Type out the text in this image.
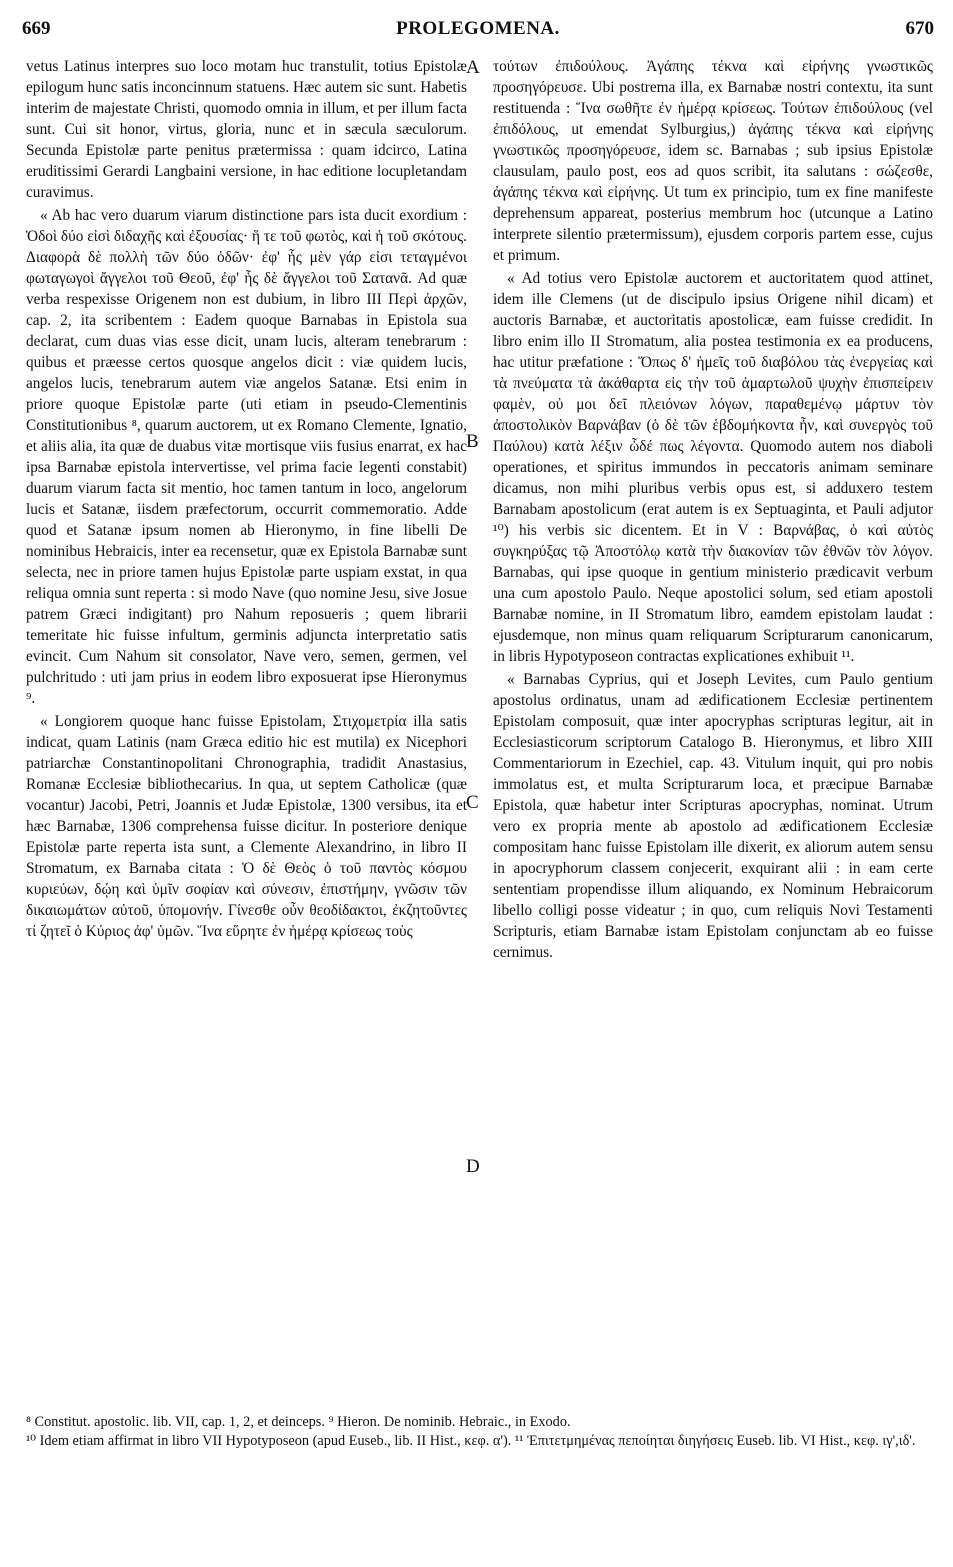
669	PROLEGOMENA.	670

vetus Latinus interpres suo loco motam huc transtulit, totius Epistolæ epilogum hunc satis inconcinnum statuens. Hæc autem sic sunt. Habetis interim de majestate Christi, quomodo omnia in illum, et per illum facta sunt. Cui sit honor, virtus, gloria, nunc et in sæcula sæculorum. Secunda Epistolæ parte penitus prætermissa : quam idcirco, Latina eruditissimi Gerardi Langbaini versione, in hac editione locupletandam curavimus.

« Ab hac vero duarum viarum distinctione pars ista ducit exordium : Ὁδοὶ δύο εἰσὶ διδαχῆς καὶ ἐξουσίας· ἥ τε τοῦ φωτὸς, καὶ ἡ τοῦ σκότους. Διαφορὰ δὲ πολλὴ τῶν δύο ὁδῶν· ἐφ' ἧς μὲν γάρ εἰσι τεταγμένοι φωταγωγοὶ ἄγγελοι τοῦ Θεοῦ, ἐφ' ἧς δὲ ἄγγελοι τοῦ Σατανᾶ. Ad quæ verba respexisse Origenem non est dubium, in libro III Περὶ ἀρχῶν, cap. 2, ita scribentem : Eadem quoque Barnabas in Epistola sua declarat, cum duas vias esse dicit, unam lucis, alteram tenebrarum : quibus et præesse certos quosque angelos dicit : viæ quidem lucis, angelos lucis, tenebrarum autem viæ angelos Satanæ. Etsi enim in priore quoque Epistolæ parte (uti etiam in pseudo-Clementinis Constitutionibus ⁸, quarum auctorem, ut ex Romano Clemente, Ignatio, et aliis alia, ita quæ de duabus vitæ mortisque viis fusius enarrat, ex hac ipsa Barnabæ epistola intervertisse, vel prima facie legenti constabit) duarum viarum facta sit mentio, hoc tamen tantum in loco, angelorum lucis et Satanæ, iisdem præfectorum, occurrit commemoratio. Adde quod et Satanæ ipsum nomen ab Hieronymo, in fine libelli De nominibus Hebraicis, inter ea recensetur, quæ ex Epistola Barnabæ sunt selecta, nec in priore tamen hujus Epistolæ parte uspiam exstat, in qua reliqua omnia sunt reperta : si modo Nave (quo nomine Jesu, sive Josue patrem Græci indigitant) pro Nahum reposueris ; quem librarii temeritate hic fuisse infultum, germinis adjuncta interpretatio satis evincit. Cum Nahum sit consolator, Nave vero, semen, germen, vel pulchritudo : uti jam prius in eodem libro exposuerat ipse Hieronymus ⁹.

« Longiorem quoque hanc fuisse Epistolam, Στιχομετρία illa satis indicat, quam Latinis (nam Græca editio hic est mutila) ex Nicephori patriarchæ Constantinopolitani Chronographia, tradidit Anastasius, Romanæ Ecclesiæ bibliothecarius. In qua, ut septem Catholicæ (quæ vocantur) Jacobi, Petri, Joannis et Judæ Epistolæ, 1300 versibus, ita et hæc Barnabæ, 1306 comprehensa fuisse dicitur. In posteriore denique Epistolæ parte reperta ista sunt, a Clemente Alexandrino, in libro II Stromatum, ex Barnaba citata : Ὁ δὲ Θεὸς ὁ τοῦ παντὸς κόσμου κυριεύων, δῴη καὶ ὑμῖν σοφίαν καὶ σύνεσιν, ἐπιστήμην, γνῶσιν τῶν δικαιωμάτων αὐτοῦ, ὑπομονήν. Γίνεσθε οὖν θεοδίδακτοι, ἐκζητοῦντες τί ζητεῖ ὁ Κύριος ἀφ' ὑμῶν. Ἵνα εὕρητε ἐν ἡμέρᾳ κρίσεως τοὺς

A
B
C
D

τούτων ἐπιδούλους. Ἀγάπης τέκνα καὶ εἰρήνης γνωστικῶς προσηγόρευσε. Ubi postrema illa, ex Barnabæ nostri contextu, ita sunt restituenda : Ἵνα σωθῆτε ἐν ἡμέρᾳ κρίσεως. Τούτων ἐπιδούλους (vel ἐπιδόλους, ut emendat Sylburgius,) ἀγάπης τέκνα καὶ εἰρήνης γνωστικῶς προσηγόρευσε, idem sc. Barnabas ; sub ipsius Epistolæ clausulam, paulo post, eos ad quos scribit, ita salutans : σώζεσθε, ἀγάπης τέκνα καὶ εἰρήνης. Ut tum ex principio, tum ex fine manifeste deprehensum appareat, posterius membrum hoc (utcunque a Latino interprete silentio prætermissum), ejusdem corporis partem esse, cujus et primum.

« Ad totius vero Epistolæ auctorem et auctoritatem quod attinet, idem ille Clemens (ut de discipulo ipsius Origene nihil dicam) et auctoris Barnabæ, et auctoritatis apostolicæ, eam fuisse credidit. In libro enim illo II Stromatum, alia postea testimonia ex ea producens, hac utitur præfatione : Ὅπως δ' ἡμεῖς τοῦ διαβόλου τὰς ἐνεργείας καὶ τὰ πνεύματα τὰ ἀκάθαρτα εἰς τὴν τοῦ ἁμαρτωλοῦ ψυχὴν ἐπισπείρειν φαμὲν, οὐ μοι δεῖ πλειόνων λόγων, παραθεμένῳ μάρτυν τὸν ἀποστολικὸν Βαρνάβαν (ὁ δὲ τῶν ἑβδομήκοντα ἦν, καὶ συνεργὸς τοῦ Παύλου) κατὰ λέξιν ὧδέ πως λέγοντα. Quomodo autem nos diaboli operationes, et spiritus immundos in peccatoris animam seminare dicamus, non mihi pluribus verbis opus est, si adduxero testem Barnabam apostolicum (erat autem is ex Septuaginta, et Pauli adjutor ¹⁰) his verbis sic dicentem. Et in V : Βαρνάβας, ὁ καὶ αὐτὸς συγκηρύξας τῷ Ἀποστόλῳ κατὰ τὴν διακονίαν τῶν ἐθνῶν τὸν λόγον. Barnabas, qui ipse quoque in gentium ministerio prædicavit verbum una cum apostolo Paulo. Neque apostolici solum, sed etiam apostoli Barnabæ nomine, in II Stromatum libro, eamdem epistolam laudat : ejusdemque, non minus quam reliquarum Scripturarum canonicarum, in libris Hypotyposeon contractas explicationes exhibuit ¹¹.

« Barnabas Cyprius, qui et Joseph Levites, cum Paulo gentium apostolus ordinatus, unam ad ædificationem Ecclesiæ pertinentem Epistolam composuit, quæ inter apocryphas scripturas legitur, ait in Ecclesiasticorum scriptorum Catalogo B. Hieronymus, et libro XIII Commentariorum in Ezechiel, cap. 43. Vitulum inquit, qui pro nobis immolatus est, et multa Scripturarum loca, et præcipue Barnabæ Epistola, quæ habetur inter Scripturas apocryphas, nominat. Utrum vero ex propria mente ab apostolo ad ædificationem Ecclesiæ compositam hanc fuisse Epistolam ille dixerit, ex aliorum autem sensu in apocryphorum classem conjecerit, exquirant alii : in eam certe sententiam propendisse illum aliquando, ex Nominum Hebraicorum libello colligi posse videatur ; in quo, cum reliquis Novi Testamenti Scripturis, etiam Barnabæ istam Epistolam conjunctam ab eo fuisse cernimus.

⁸ Constitut. apostolic. lib. VII, cap. 1, 2, et deinceps. ⁹ Hieron. De nominib. Hebraic., in Exodo.
¹⁰ Idem etiam affirmat in libro VII Hypotyposeon (apud Euseb., lib. II Hist., κεφ. α'). ¹¹ Ἐπιτετμημένας πεποίηται διηγήσεις Euseb. lib. VI Hist., κεφ. ιγ',ιδ'.
